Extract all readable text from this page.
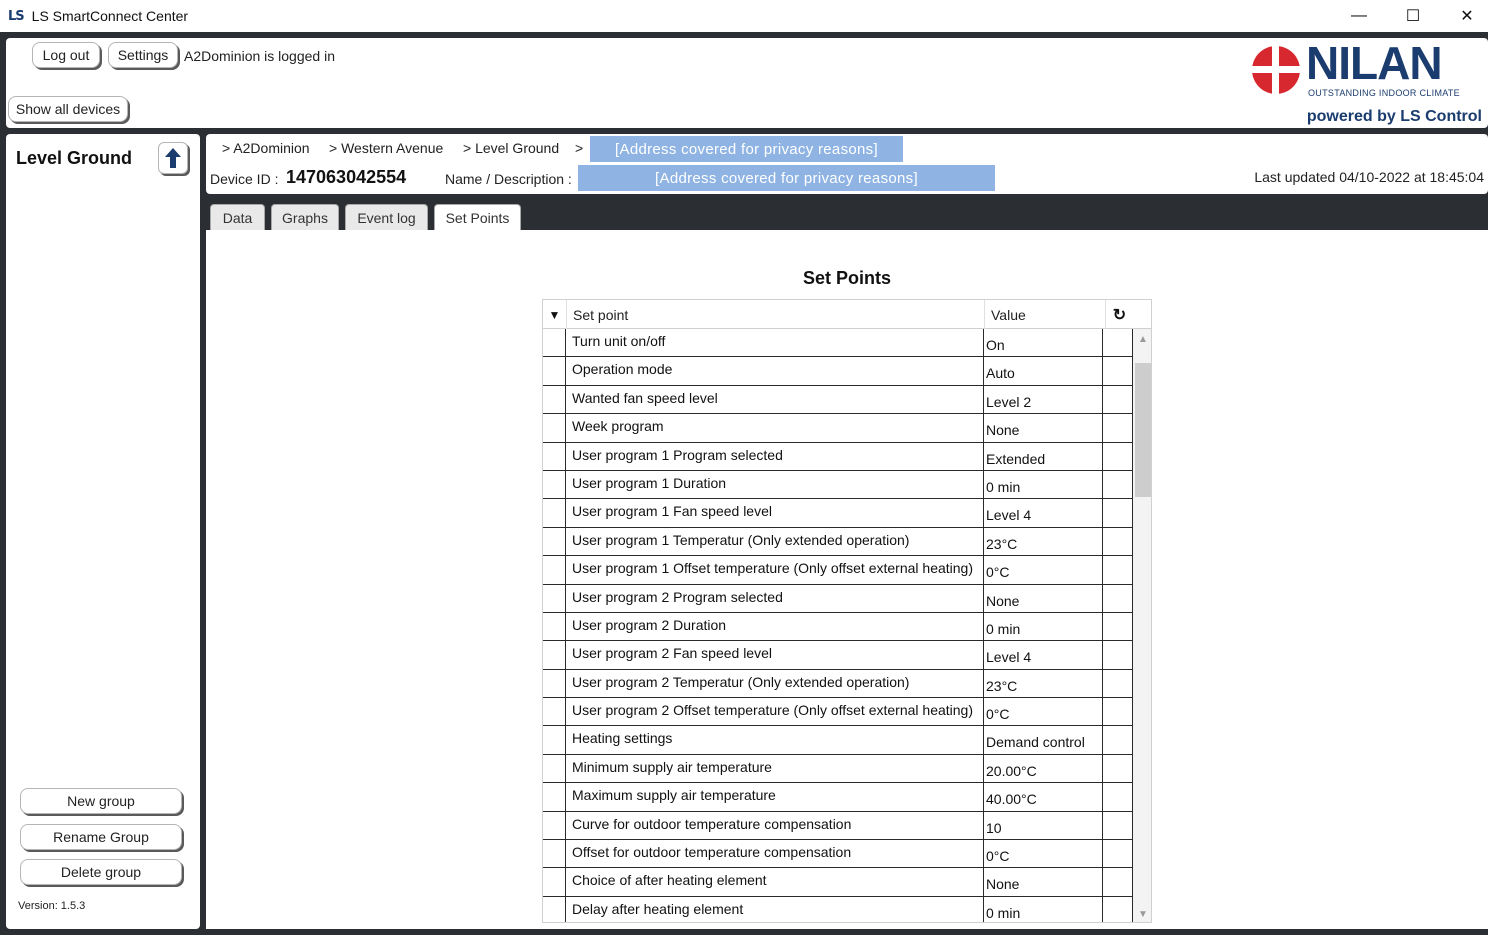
LS LS SmartConnect Center	— ☐	✕
Log out	Settings	A2Dominion is logged in
Show all devices
NILAN
OUTSTANDING INDOOR CLIMATE
powered by LS Control
Level Ground
New group
Rename Group
Delete group
Version: 1.5.3
> A2Dominion > Western Avenue > Level Ground >	[Address covered for privacy reasons]
Device ID : 147063042554	Name / Description :	[Address covered for privacy reasons]	Last updated 04/10-2022 at 18:45:04
Data	Graphs	Event log	Set Points
Set Points
▼ Set point	Value	↻
Turn unit on/off	On
Operation mode	Auto
Wanted fan speed level	Level 2
Week program	None
User program 1 Program selected	Extended
User program 1 Duration	0 min
User program 1 Fan speed level	Level 4
User program 1 Temperatur (Only extended operation)	23°C
User program 1 Offset temperature (Only offset external heating) 0°C
User program 2 Program selected	None
User program 2 Duration	0 min
User program 2 Fan speed level	Level 4
User program 2 Temperatur (Only extended operation)	23°C
User program 2 Offset temperature (Only offset external heating) 0°C
Heating settings	Demand control
Minimum supply air temperature	20.00°C
Maximum supply air temperature	40.00°C
Curve for outdoor temperature compensation	10
Offset for outdoor temperature compensation	0°C
Choice of after heating element	None
Delay after heating element	0 min
▲
▼
